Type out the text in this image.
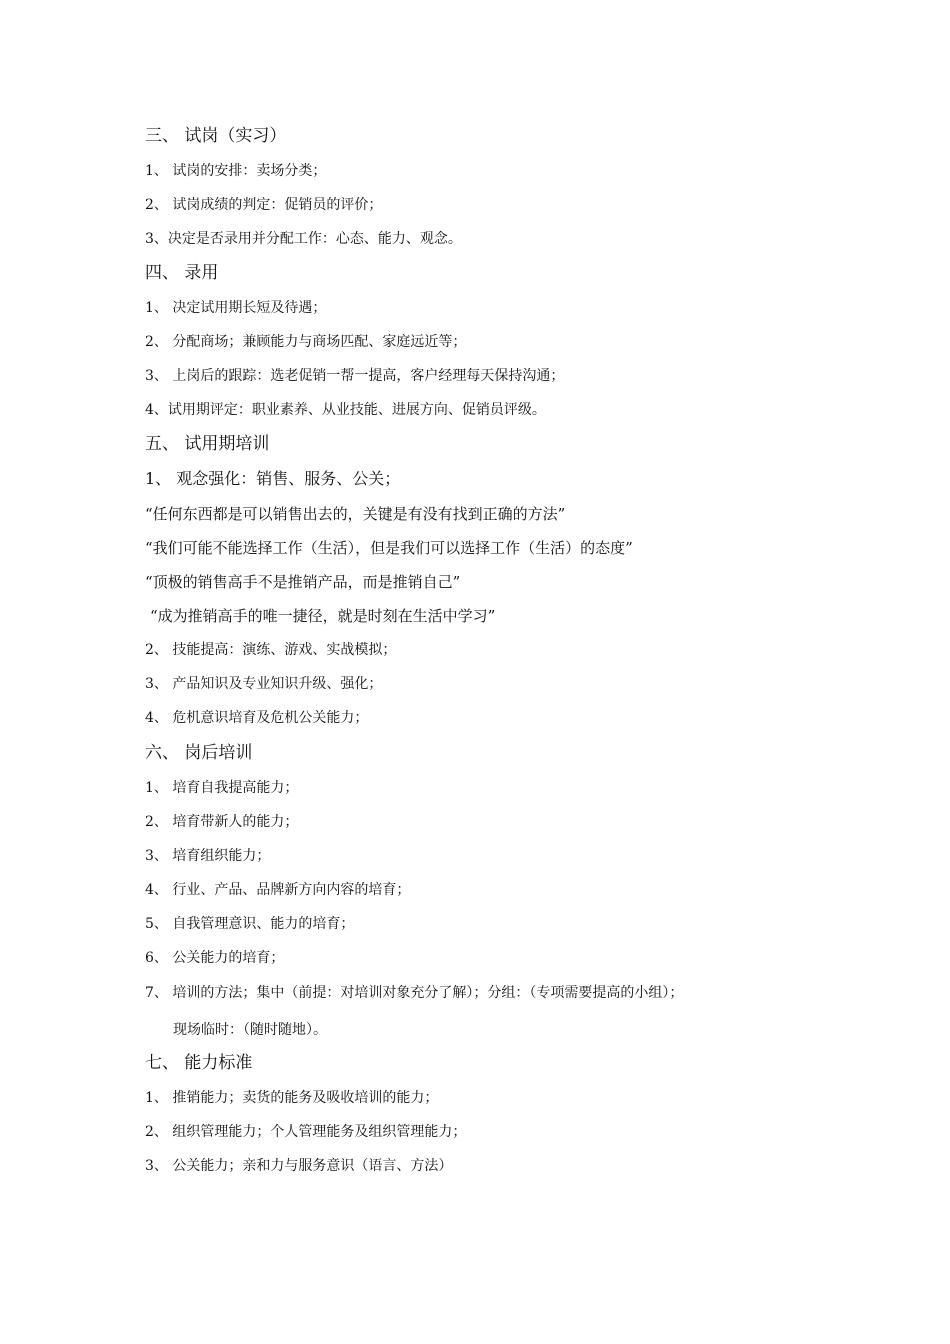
三、 试岗（实习）
1、 试岗的安排：卖场分类；
2、 试岗成绩的判定：促销员的评价；
3、决定是否录用并分配工作：心态、能力、观念。
四、 录用
1、 决定试用期长短及待遇；
2、 分配商场；兼顾能力与商场匹配、家庭远近等；
3、 上岗后的跟踪：选老促销一帮一提高，客户经理每天保持沟通；
4、试用期评定：职业素养、从业技能、进展方向、促销员评级。
五、 试用期培训
1、 观念强化：销售、服务、公关；
“任何东西都是可以销售出去的，关键是有没有找到正确的方法”
“我们可能不能选择工作（生活），但是我们可以选择工作（生活）的态度”
“顶极的销售高手不是推销产品，而是推销自己”
“成为推销高手的唯一捷径，就是时刻在生活中学习”
2、 技能提高：演练、游戏、实战模拟；
3、 产品知识及专业知识升级、强化；
4、 危机意识培育及危机公关能力；
六、 岗后培训
1、 培育自我提高能力；
2、 培育带新人的能力；
3、 培育组织能力；
4、 行业、产品、品牌新方向内容的培育；
5、 自我管理意识、能力的培育；
6、 公关能力的培育；
7、 培训的方法；集中（前提：对培训对象充分了解）；分组：（专项需要提高的小组）；
现场临时：（随时随地）。
七、 能力标准
1、 推销能力；卖货的能务及吸收培训的能力；
2、 组织管理能力；个人管理能务及组织管理能力；
3、 公关能力；亲和力与服务意识（语言、方法）
